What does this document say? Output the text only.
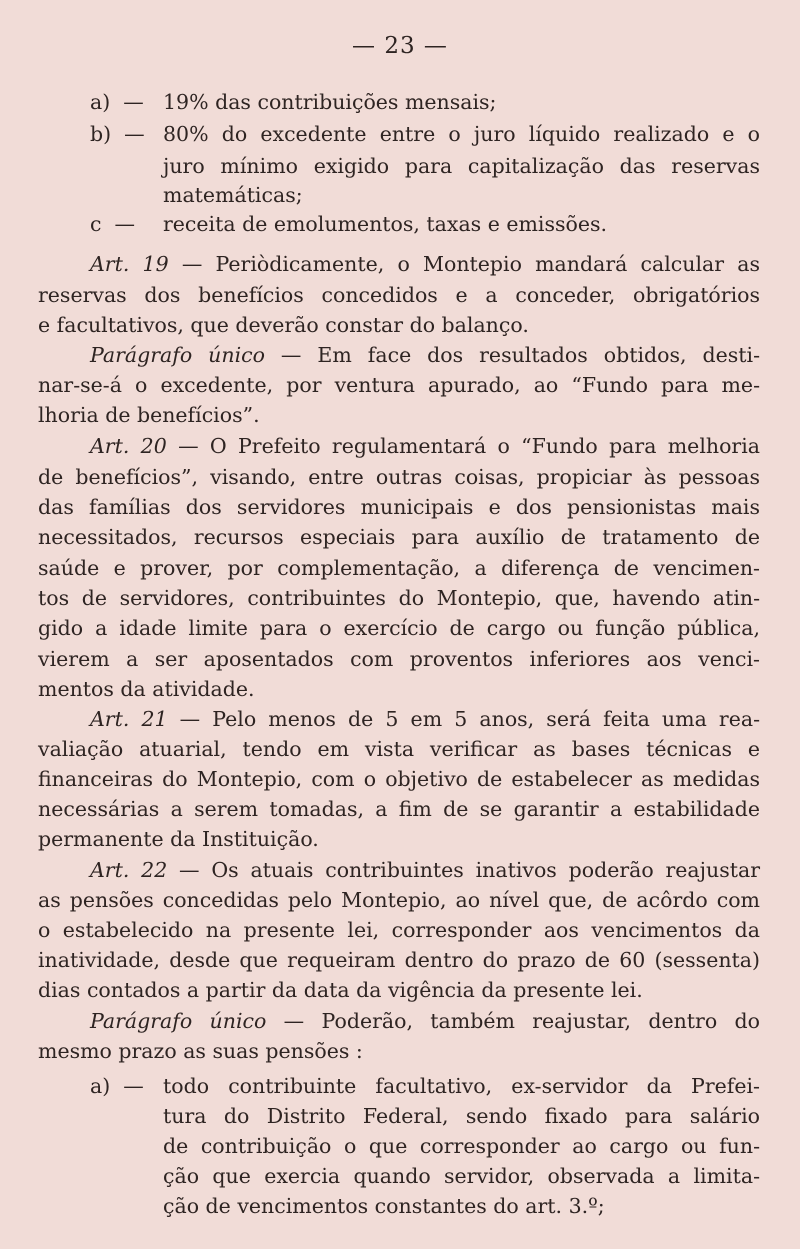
— 23 —
a) — 19% das contribuições mensais;
b) — 80% do excedente entre o juro líquido realizado e o
juro mínimo exigido para capitalização das reservas
matemáticas;
c — receita de emolumentos, taxas e emissões.
Art. 19 — Periòdicamente, o Montepio mandará calcular as
reservas dos benefícios concedidos e a conceder, obrigatórios
e facultativos, que deverão constar do balanço.
Parágrafo único — Em face dos resultados obtidos, desti-
nar-se-á o excedente, por ventura apurado, ao “Fundo para me-
lhoria de benefícios”.
Art. 20 — O Prefeito regulamentará o “Fundo para melhoria
de benefícios”, visando, entre outras coisas, propiciar às pessoas
das famílias dos servidores municipais e dos pensionistas mais
necessitados, recursos especiais para auxílio de tratamento de
saúde e prover, por complementação, a diferença de vencimen-
tos de servidores, contribuintes do Montepio, que, havendo atin-
gido a idade limite para o exercício de cargo ou função pública,
vierem a ser aposentados com proventos inferiores aos venci-
mentos da atividade.
Art. 21 — Pelo menos de 5 em 5 anos, será feita uma rea-
valiação atuarial, tendo em vista verificar as bases técnicas e
financeiras do Montepio, com o objetivo de estabelecer as medidas
necessárias a serem tomadas, a fim de se garantir a estabilidade
permanente da Instituição.
Art. 22 — Os atuais contribuintes inativos poderão reajustar
as pensões concedidas pelo Montepio, ao nível que, de acôrdo com
o estabelecido na presente lei, corresponder aos vencimentos da
inatividade, desde que requeiram dentro do prazo de 60 (sessenta)
dias contados a partir da data da vigência da presente lei.
Parágrafo único — Poderão, também reajustar, dentro do
mesmo prazo as suas pensões :
a) — todo contribuinte facultativo, ex-servidor da Prefei-
tura do Distrito Federal, sendo fixado para salário
de contribuição o que corresponder ao cargo ou fun-
ção que exercia quando servidor, observada a limita-
ção de vencimentos constantes do art. 3.º;
